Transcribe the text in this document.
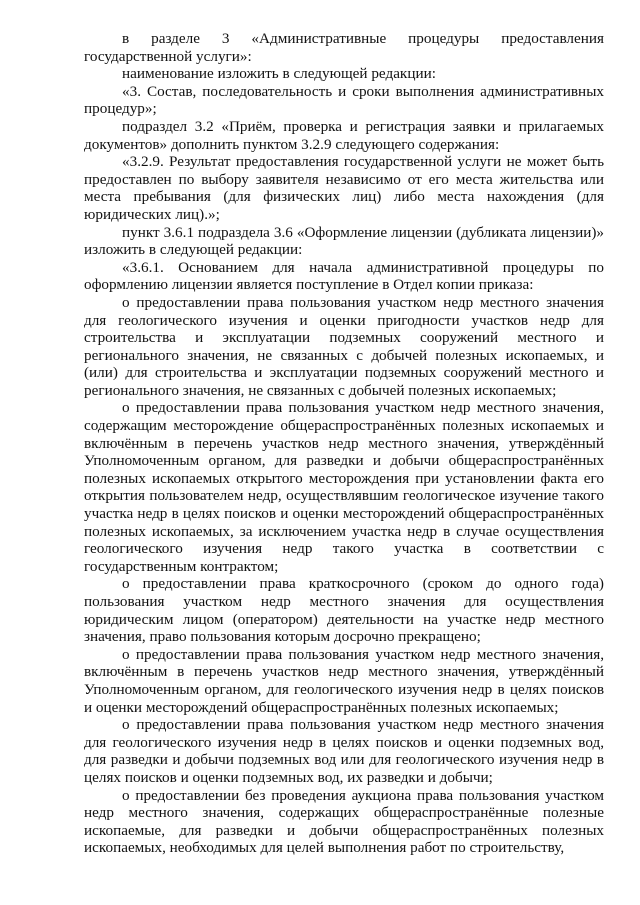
в разделе 3 «Административные процедуры предоставления государственной услуги»:

наименование изложить в следующей редакции:

«3. Состав, последовательность и сроки выполнения административных процедур»;

подраздел 3.2 «Приём, проверка и регистрация заявки и прилагаемых документов» дополнить пунктом 3.2.9 следующего содержания:

«3.2.9. Результат предоставления государственной услуги не может быть предоставлен по выбору заявителя независимо от его места жительства или места пребывания (для физических лиц) либо места нахождения (для юридических лиц).»;

пункт 3.6.1 подраздела 3.6 «Оформление лицензии (дубликата лицензии)» изложить в следующей редакции:

«3.6.1. Основанием для начала административной процедуры по оформлению лицензии является поступление в Отдел копии приказа:

о предоставлении права пользования участком недр местного значения для геологического изучения и оценки пригодности участков недр для строительства и эксплуатации подземных сооружений местного и регионального значения, не связанных с добычей полезных ископаемых, и (или) для строительства и эксплуатации подземных сооружений местного и регионального значения, не связанных с добычей полезных ископаемых;

о предоставлении права пользования участком недр местного значения, содержащим месторождение общераспространённых полезных ископаемых и включённым в перечень участков недр местного значения, утверждённый Уполномоченным органом, для разведки и добычи общераспространённых полезных ископаемых открытого месторождения при установлении факта его открытия пользователем недр, осуществлявшим геологическое изучение такого участка недр в целях поисков и оценки месторождений общераспространённых полезных ископаемых, за исключением участка недр в случае осуществления геологического изучения недр такого участка в соответствии с государственным контрактом;

о предоставлении права краткосрочного (сроком до одного года) пользования участком недр местного значения для осуществления юридическим лицом (оператором) деятельности на участке недр местного значения, право пользования которым досрочно прекращено;

о предоставлении права пользования участком недр местного значения, включённым в перечень участков недр местного значения, утверждённый Уполномоченным органом, для геологического изучения недр в целях поисков и оценки месторождений общераспространённых полезных ископаемых;

о предоставлении права пользования участком недр местного значения для геологического изучения недр в целях поисков и оценки подземных вод, для разведки и добычи подземных вод или для геологического изучения недр в целях поисков и оценки подземных вод, их разведки и добычи;

о предоставлении без проведения аукциона права пользования участком недр местного значения, содержащих общераспространённые полезные ископаемые, для разведки и добычи общераспространённых полезных ископаемых, необходимых для целей выполнения работ по строительству,
